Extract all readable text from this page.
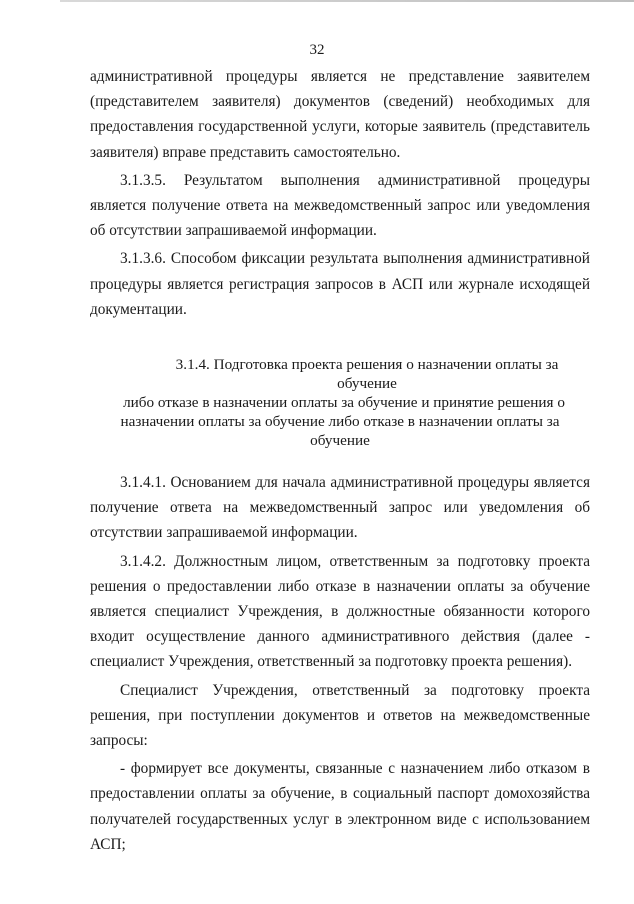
32

административной процедуры является не представление заявителем (представителем заявителя) документов (сведений) необходимых для предоставления государственной услуги, которые заявитель (представитель заявителя) вправе представить самостоятельно.

3.1.3.5. Результатом выполнения административной процедуры является получение ответа на межведомственный запрос или уведомления об отсутствии запрашиваемой информации.

3.1.3.6. Способом фиксации результата выполнения административной процедуры является регистрация запросов в АСП или журнале исходящей документации.

3.1.4. Подготовка проекта решения о назначении оплаты за обучение
либо отказе в назначении оплаты за обучение и принятие решения о
назначении оплаты за обучение либо отказе в назначении оплаты за обучение

3.1.4.1. Основанием для начала административной процедуры является получение ответа на межведомственный запрос или уведомления об отсутствии запрашиваемой информации.

3.1.4.2. Должностным лицом, ответственным за подготовку проекта решения о предоставлении либо отказе в назначении оплаты за обучение является специалист Учреждения, в должностные обязанности которого входит осуществление данного административного действия (далее - специалист Учреждения, ответственный за подготовку проекта решения).

Специалист Учреждения, ответственный за подготовку проекта решения, при поступлении документов и ответов на межведомственные запросы:

- формирует все документы, связанные с назначением либо отказом в предоставлении оплаты за обучение, в социальный паспорт домохозяйства получателей государственных услуг в электронном виде с использованием АСП;
